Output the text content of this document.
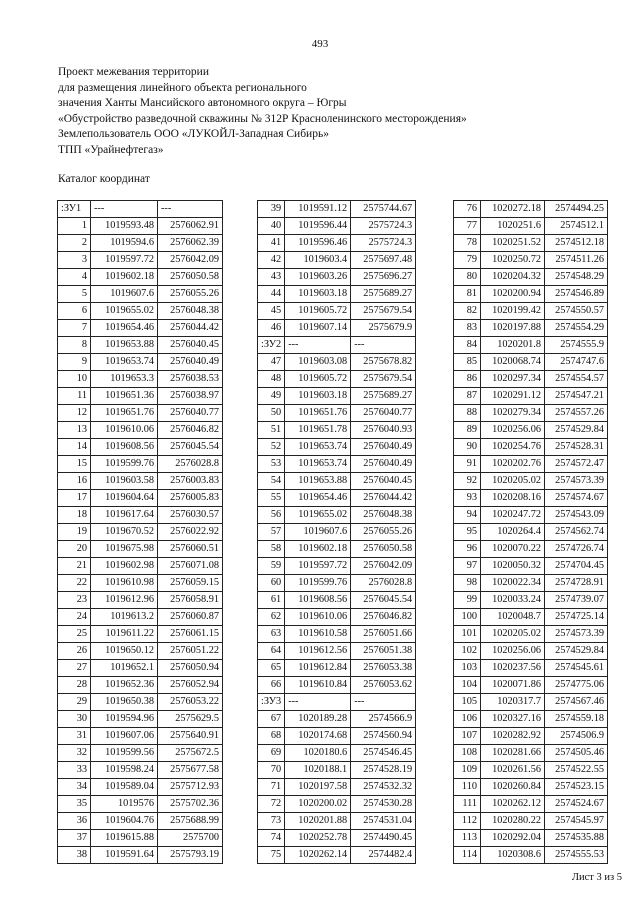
493
Проект межевания территории
для размещения линейного объекта регионального
значения Ханты Мансийского автономного округа – Югры
«Обустройство разведочной скважины № 312Р Красноленинского месторождения»
Землепользователь ООО «ЛУКОЙЛ-Западная Сибирь»
ТПП «Урайнефтегаз»
Каталог координат
:ЗУ1	---	---
1	1019593.48	2576062.91
2	1019594.6	2576062.39
3	1019597.72	2576042.09
4	1019602.18	2576050.58
5	1019607.6	2576055.26
6	1019655.02	2576048.38
7	1019654.46	2576044.42
8	1019653.88	2576040.45
9	1019653.74	2576040.49
10	1019653.3	2576038.53
11	1019651.36	2576038.97
12	1019651.76	2576040.77
13	1019610.06	2576046.82
14	1019608.56	2576045.54
15	1019599.76	2576028.8
16	1019603.58	2576003.83
17	1019604.64	2576005.83
18	1019617.64	2576030.57
19	1019670.52	2576022.92
20	1019675.98	2576060.51
21	1019602.98	2576071.08
22	1019610.98	2576059.15
23	1019612.96	2576058.91
24	1019613.2	2576060.87
25	1019611.22	2576061.15
26	1019650.12	2576051.22
27	1019652.1	2576050.94
28	1019652.36	2576052.94
29	1019650.38	2576053.22
30	1019594.96	2575629.5
31	1019607.06	2575640.91
32	1019599.56	2575672.5
33	1019598.24	2575677.58
34	1019589.04	2575712.93
35	1019576	2575702.36
36	1019604.76	2575688.99
37	1019615.88	2575700
38	1019591.64	2575793.19
39	1019591.12	2575744.67
40	1019596.44	2575724.3
41	1019596.46	2575724.3
42	1019603.4	2575697.48
43	1019603.26	2575696.27
44	1019603.18	2575689.27
45	1019605.72	2575679.54
46	1019607.14	2575679.9
:ЗУ2	---	---
47	1019603.08	2575678.82
48	1019605.72	2575679.54
49	1019603.18	2575689.27
50	1019651.76	2576040.77
51	1019651.78	2576040.93
52	1019653.74	2576040.49
53	1019653.74	2576040.49
54	1019653.88	2576040.45
55	1019654.46	2576044.42
56	1019655.02	2576048.38
57	1019607.6	2576055.26
58	1019602.18	2576050.58
59	1019597.72	2576042.09
60	1019599.76	2576028.8
61	1019608.56	2576045.54
62	1019610.06	2576046.82
63	1019610.58	2576051.66
64	1019612.56	2576051.38
65	1019612.84	2576053.38
66	1019610.84	2576053.62
:ЗУ3	---	---
67	1020189.28	2574566.9
68	1020174.68	2574560.94
69	1020180.6	2574546.45
70	1020188.1	2574528.19
71	1020197.58	2574532.32
72	1020200.02	2574530.28
73	1020201.88	2574531.04
74	1020252.78	2574490.45
75	1020262.14	2574482.4
76	1020272.18	2574494.25
77	1020251.6	2574512.1
78	1020251.52	2574512.18
79	1020250.72	2574511.26
80	1020204.32	2574548.29
81	1020200.94	2574546.89
82	1020199.42	2574550.57
83	1020197.88	2574554.29
84	1020201.8	2574555.9
85	1020068.74	2574747.6
86	1020297.34	2574554.57
87	1020291.12	2574547.21
88	1020279.34	2574557.26
89	1020256.06	2574529.84
90	1020254.76	2574528.31
91	1020202.76	2574572.47
92	1020205.02	2574573.39
93	1020208.16	2574574.67
94	1020247.72	2574543.09
95	1020264.4	2574562.74
96	1020070.22	2574726.74
97	1020050.32	2574704.45
98	1020022.34	2574728.91
99	1020033.24	2574739.07
100	1020048.7	2574725.14
101	1020205.02	2574573.39
102	1020256.06	2574529.84
103	1020237.56	2574545.61
104	1020071.86	2574775.06
105	1020317.7	2574567.46
106	1020327.16	2574559.18
107	1020282.92	2574506.9
108	1020281.66	2574505.46
109	1020261.56	2574522.55
110	1020260.84	2574523.15
111	1020262.12	2574524.67
112	1020280.22	2574545.97
113	1020292.04	2574535.88
114	1020308.6	2574555.53
Лист 3 из 5
